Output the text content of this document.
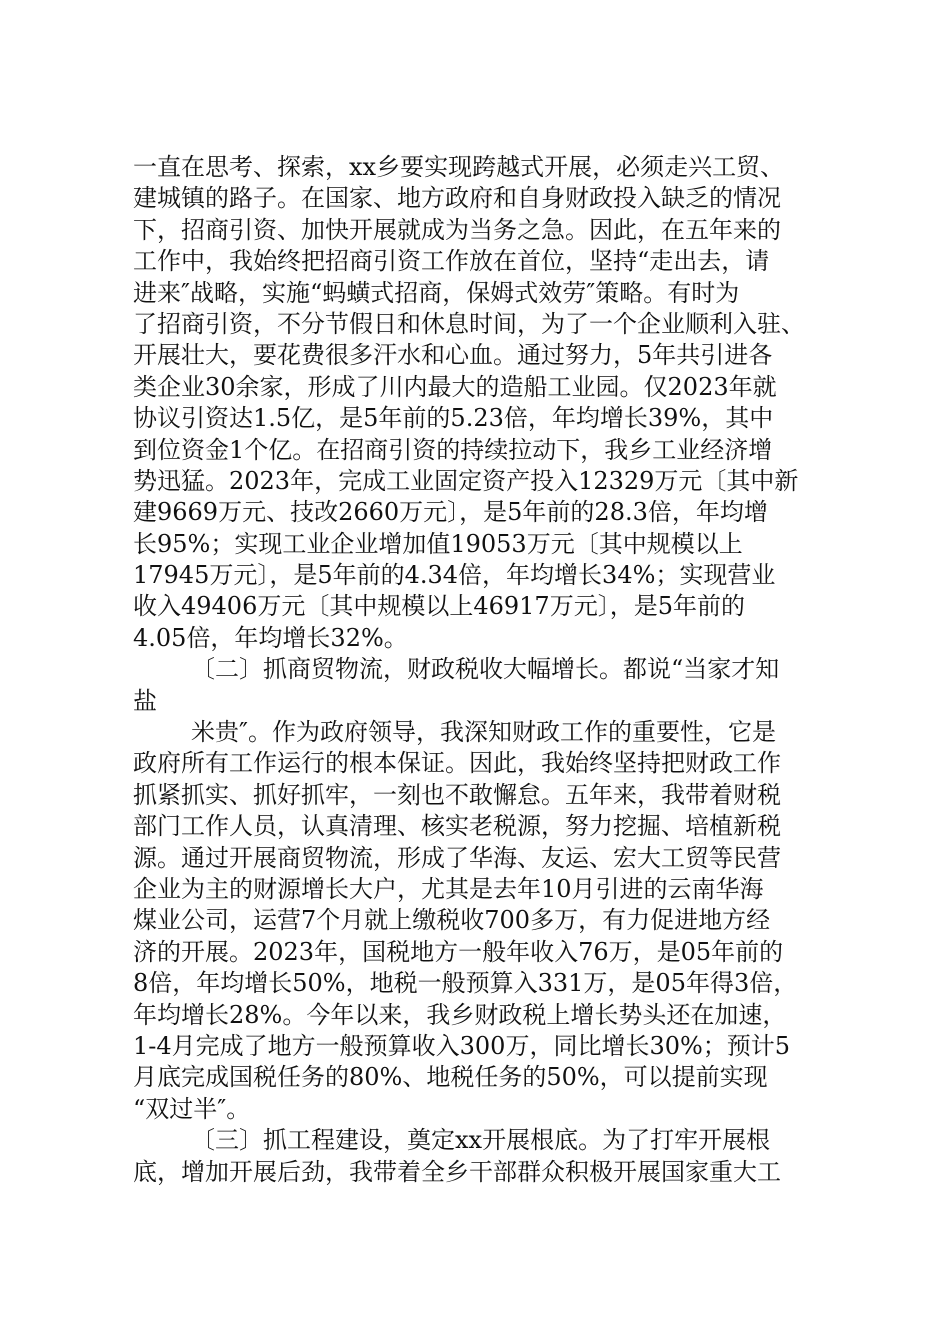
一直在思考、探索，xx乡要实现跨越式开展，必须走兴工贸、
建城镇的路子。在国家、地方政府和自身财政投入缺乏的情况
下，招商引资、加快开展就成为当务之急。因此，在五年来的
工作中，我始终把招商引资工作放在首位，坚持“走出去，请
进来″战略，实施“蚂蟥式招商，保姆式效劳″策略。有时为
了招商引资，不分节假日和休息时间，为了一个企业顺利入驻、
开展壮大，要花费很多汗水和心血。通过努力，5年共引进各
类企业30余家，形成了川内最大的造船工业园。仅2023年就
协议引资达1.5亿，是5年前的5.23倍，年均增长39%，其中
到位资金1个亿。在招商引资的持续拉动下，我乡工业经济增
势迅猛。2023年，完成工业固定资产投入12329万元〔其中新
建9669万元、技改2660万元〕，是5年前的28.3倍，年均增
长95%；实现工业企业增加值19053万元〔其中规模以上
17945万元〕，是5年前的4.34倍，年均增长34%；实现营业
收入49406万元〔其中规模以上46917万元〕，是5年前的
4.05倍，年均增长32%。
〔二〕抓商贸物流，财政税收大幅增长。都说“当家才知
盐
米贵″。作为政府领导，我深知财政工作的重要性，它是
政府所有工作运行的根本保证。因此，我始终坚持把财政工作
抓紧抓实、抓好抓牢，一刻也不敢懈怠。五年来，我带着财税
部门工作人员，认真清理、核实老税源，努力挖掘、培植新税
源。通过开展商贸物流，形成了华海、友运、宏大工贸等民营
企业为主的财源增长大户，尤其是去年10月引进的云南华海
煤业公司，运营7个月就上缴税收700多万，有力促进地方经
济的开展。2023年，国税地方一般年收入76万，是05年前的
8倍，年均增长50%，地税一般预算入331万，是05年得3倍，
年均增长28%。今年以来，我乡财政税上增长势头还在加速，
1-4月完成了地方一般预算收入300万，同比增长30%；预计5
月底完成国税任务的80%、地税任务的50%，可以提前实现
“双过半″。
〔三〕抓工程建设，奠定xx开展根底。为了打牢开展根
底，增加开展后劲，我带着全乡干部群众积极开展国家重大工
